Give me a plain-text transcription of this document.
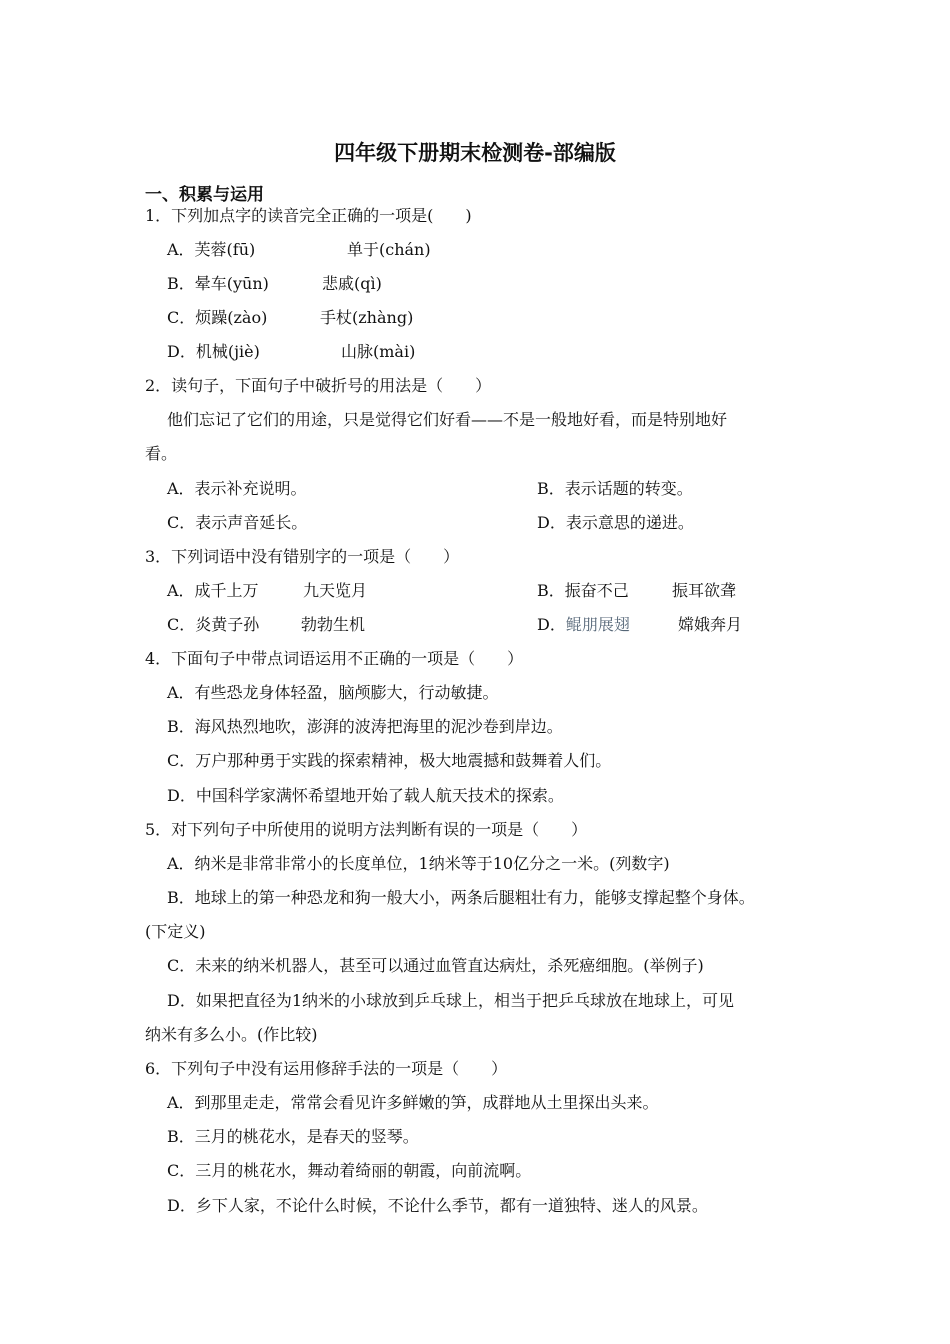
四年级下册期末检测卷-部编版
一、积累与运用
1．下列加点字的读音完全正确的一项是(　　)
A．芙蓉(fū)	单于(chán)
B．晕车(yūn)	悲戚(qì)
C．烦躁(zào)	手杖(zhàng)
D．机械(jiè)	山脉(mài)
2．读句子，下面句子中破折号的用法是（　　）
他们忘记了它们的用途，只是觉得它们好看——不是一般地好看，而是特别地好
看。
A．表示补充说明。	B．表示话题的转变。
C．表示声音延长。	D．表示意思的递进。
3．下列词语中没有错别字的一项是（　　）
A．成千上万	九天览月	B．振奋不己	振耳欲聋
C．炎黄子孙	勃勃生机	D．鲲朋展翅	嫦娥奔月
4．下面句子中带点词语运用不正确的一项是（　　）
A．有些恐龙身体轻盈，脑颅膨大，行动敏捷。
B．海风热烈地吹，澎湃的波涛把海里的泥沙卷到岸边。
C．万户那种勇于实践的探索精神，极大地震撼和鼓舞着人们。
D．中国科学家满怀希望地开始了载人航天技术的探索。
5．对下列句子中所使用的说明方法判断有误的一项是（　　）
A．纳米是非常非常小的长度单位，1纳米等于10亿分之一米。(列数字)
B．地球上的第一种恐龙和狗一般大小，两条后腿粗壮有力，能够支撑起整个身体。
(下定义)
C．未来的纳米机器人，甚至可以通过血管直达病灶，杀死癌细胞。(举例子)
D．如果把直径为1纳米的小球放到乒乓球上，相当于把乒乓球放在地球上，可见
纳米有多么小。(作比较)
6．下列句子中没有运用修辞手法的一项是（　　）
A．到那里走走，常常会看见许多鲜嫩的笋，成群地从土里探出头来。
B．三月的桃花水，是春天的竖琴。
C．三月的桃花水，舞动着绮丽的朝霞，向前流啊。
D．乡下人家，不论什么时候，不论什么季节，都有一道独特、迷人的风景。
